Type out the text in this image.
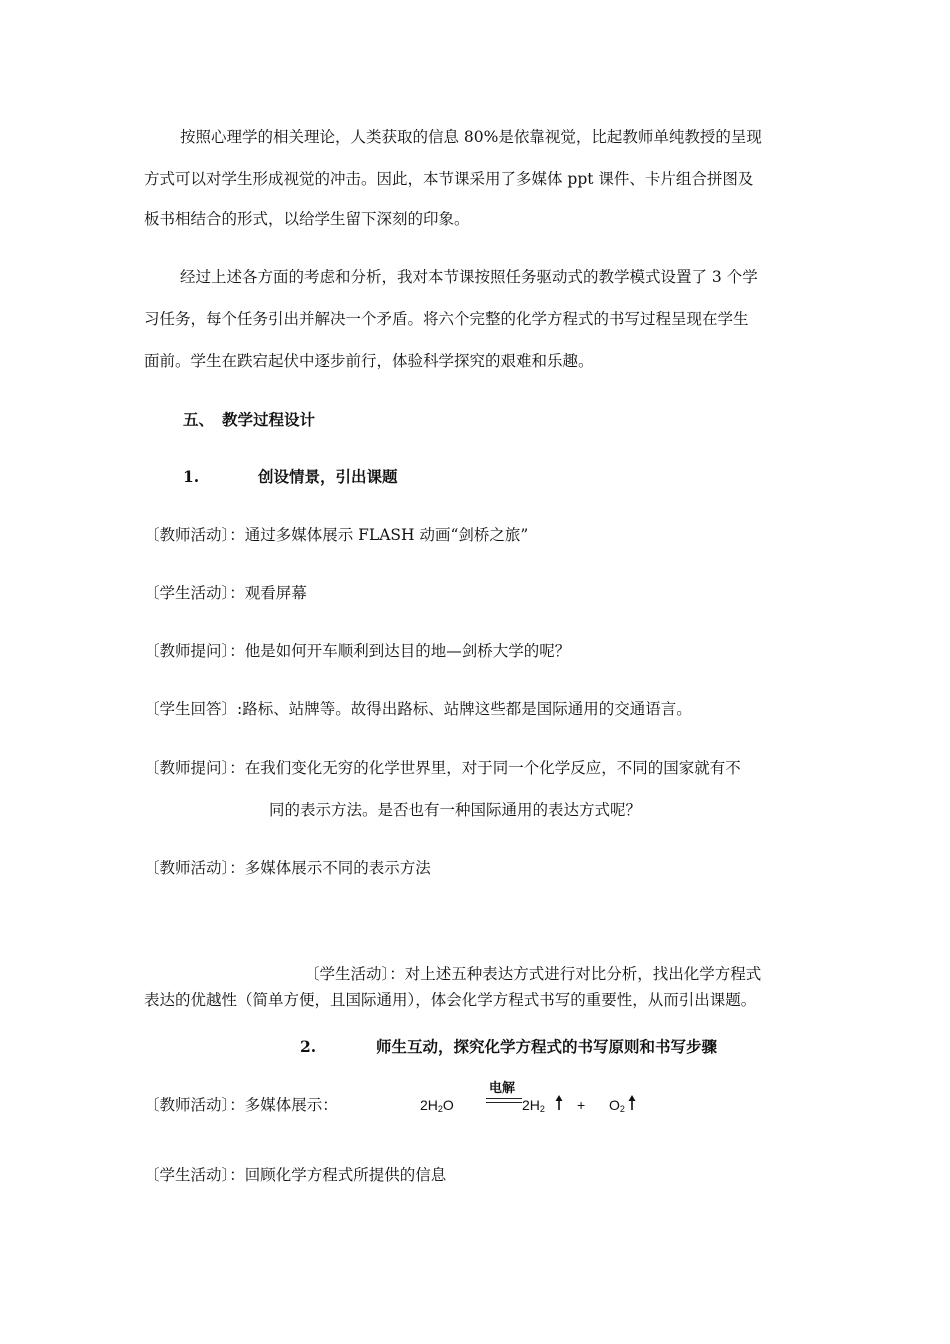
按照心理学的相关理论，人类获取的信息 80%是依靠视觉，比起教师单纯教授的呈现
方式可以对学生形成视觉的冲击。因此，本节课采用了多媒体 ppt 课件、卡片组合拼图及
板书相结合的形式，以给学生留下深刻的印象。
经过上述各方面的考虑和分析，我对本节课按照任务驱动式的教学模式设置了 3 个学
习任务，每个任务引出并解决一个矛盾。将六个完整的化学方程式的书写过程呈现在学生
面前。学生在跌宕起伏中逐步前行，体验科学探究的艰难和乐趣。
五、 教学过程设计
1.	创设情景，引出课题
〔教师活动〕：通过多媒体展示 FLASH 动画“剑桥之旅”
〔学生活动〕：观看屏幕
〔教师提问〕：他是如何开车顺利到达目的地—剑桥大学的呢？
〔学生回答〕:路标、站牌等。故得出路标、站牌这些都是国际通用的交通语言。
〔教师提问〕：在我们变化无穷的化学世界里，对于同一个化学反应，不同的国家就有不
同的表示方法。是否也有一种国际通用的表达方式呢？
〔教师活动〕：多媒体展示不同的表示方法
〔学生活动〕：对上述五种表达方式进行对比分析，找出化学方程式
表达的优越性（简单方便，且国际通用），体会化学方程式书写的重要性，从而引出课题。
2.	师生互动，探究化学方程式的书写原则和书写步骤
〔教师活动〕：多媒体展示：	$2H_2O$
电解
$2H_2 + O_2$
〔学生活动〕：回顾化学方程式所提供的信息
